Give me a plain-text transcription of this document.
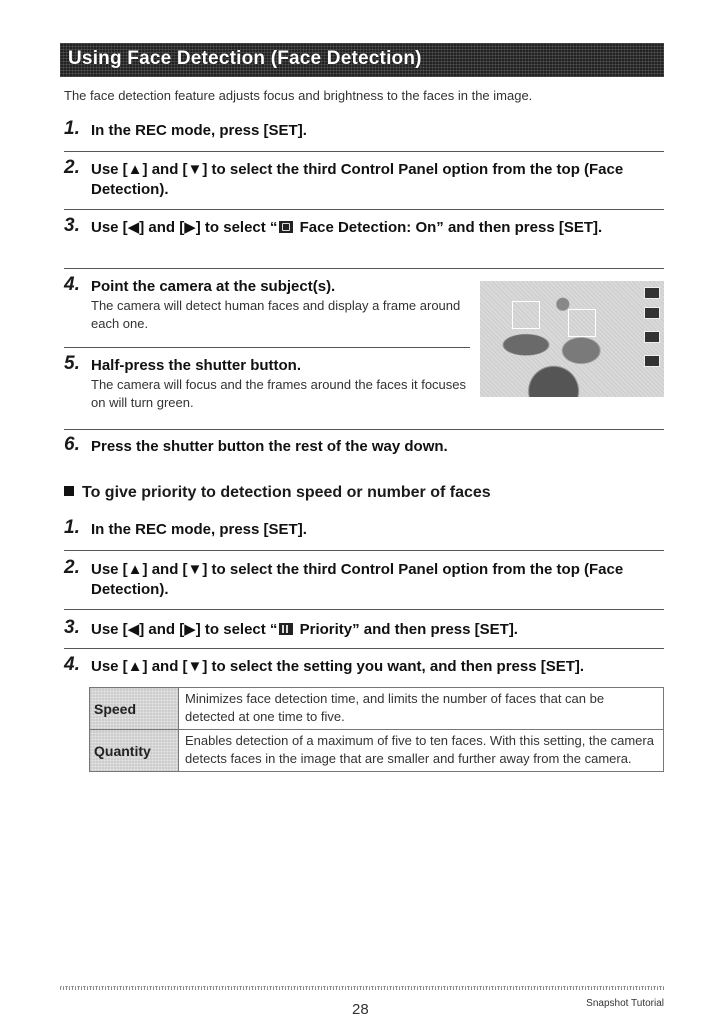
Using Face Detection (Face Detection)
The face detection feature adjusts focus and brightness to the faces in the image.
1. In the REC mode, press [SET].
2. Use [▲] and [▼] to select the third Control Panel option from the top (Face Detection).
3. Use [◀] and [▶] to select “ Face Detection: On” and then press [SET].
4. Point the camera at the subject(s).
The camera will detect human faces and display a frame around each one.
5. Half-press the shutter button.
The camera will focus and the frames around the faces it focuses on will turn green.
6. Press the shutter button the rest of the way down.
To give priority to detection speed or number of faces
1. In the REC mode, press [SET].
2. Use [▲] and [▼] to select the third Control Panel option from the top (Face Detection).
3. Use [◀] and [▶] to select “ Priority” and then press [SET].
4. Use [▲] and [▼] to select the setting you want, and then press [SET].
Speed	Minimizes face detection time, and limits the number of faces that can be detected at one time to five.
Quantity	Enables detection of a maximum of five to ten faces. With this setting, the camera detects faces in the image that are smaller and further away from the camera.
28	Snapshot Tutorial
